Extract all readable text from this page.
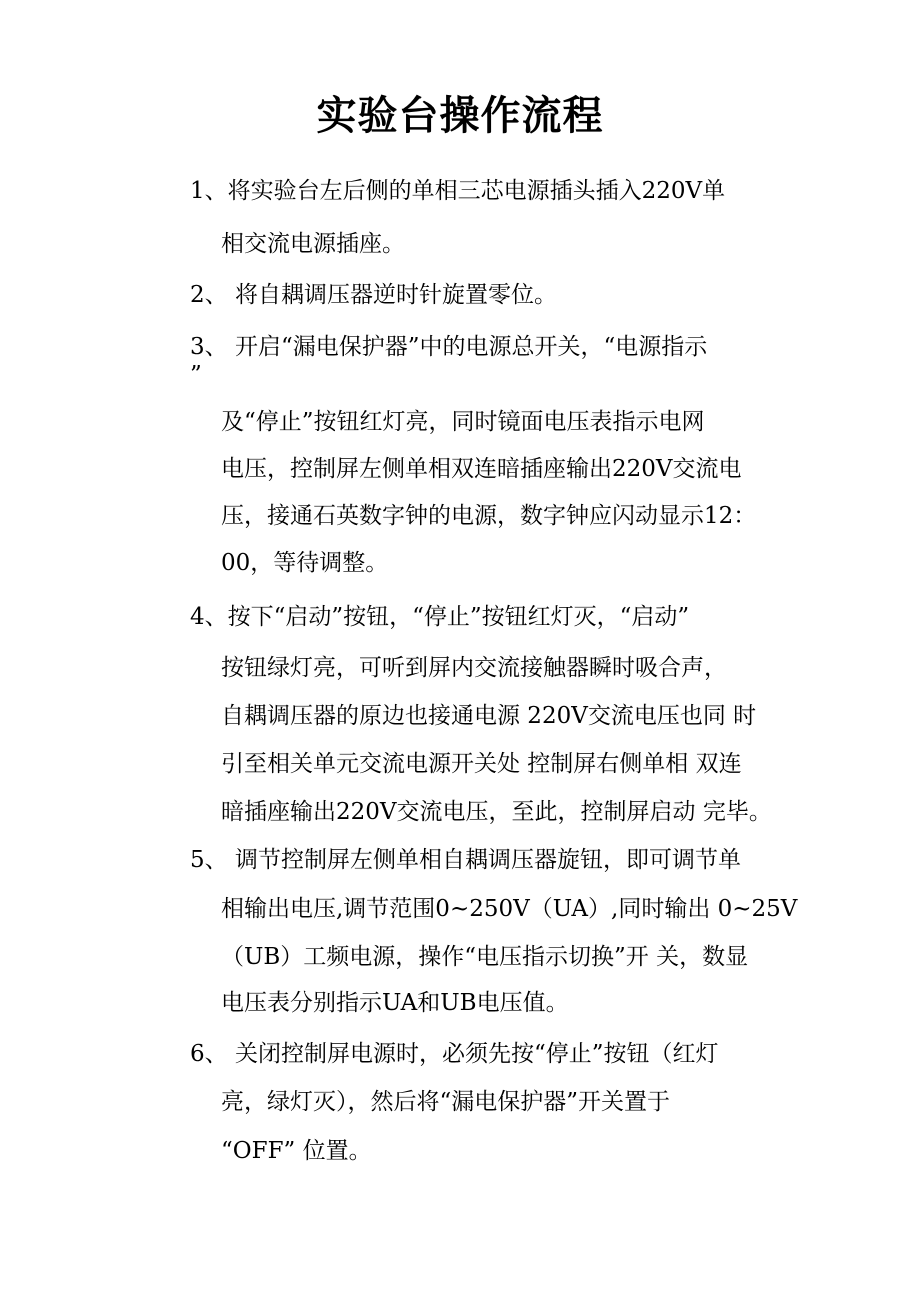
实验台操作流程
1、将实验台左后侧的单相三芯电源插头插入220V单
相交流电源插座。
2、 将自耦调压器逆时针旋置零位。
3、 开启“漏电保护器”中的电源总开关，“电源指示
”
及“停止”按钮红灯亮，同时镜面电压表指示电网
电压，控制屏左侧单相双连暗插座输出220V交流电
压，接通石英数字钟的电源，数字钟应闪动显示12：
00，等待调整。
4、按下“启动”按钮，“停止”按钮红灯灭，“启动”
按钮绿灯亮，可听到屏内交流接触器瞬时吸合声，
自耦调压器的原边也接通电源 220V交流电压也同 时
引至相关单元交流电源开关处 控制屏右侧单相 双连
暗插座输出220V交流电压，至此，控制屏启动 完毕。
5、 调节控制屏左侧单相自耦调压器旋钮，即可调节单
相输出电压,调节范围0~250V（UA）,同时输出 0~25V
（UB）工频电源，操作“电压指示切换”开 关，数显
电压表分别指示UA和UB电压值。
6、 关闭控制屏电源时，必须先按“停止”按钮（红灯
亮，绿灯灭），然后将“漏电保护器”开关置于
“OFF” 位置。
